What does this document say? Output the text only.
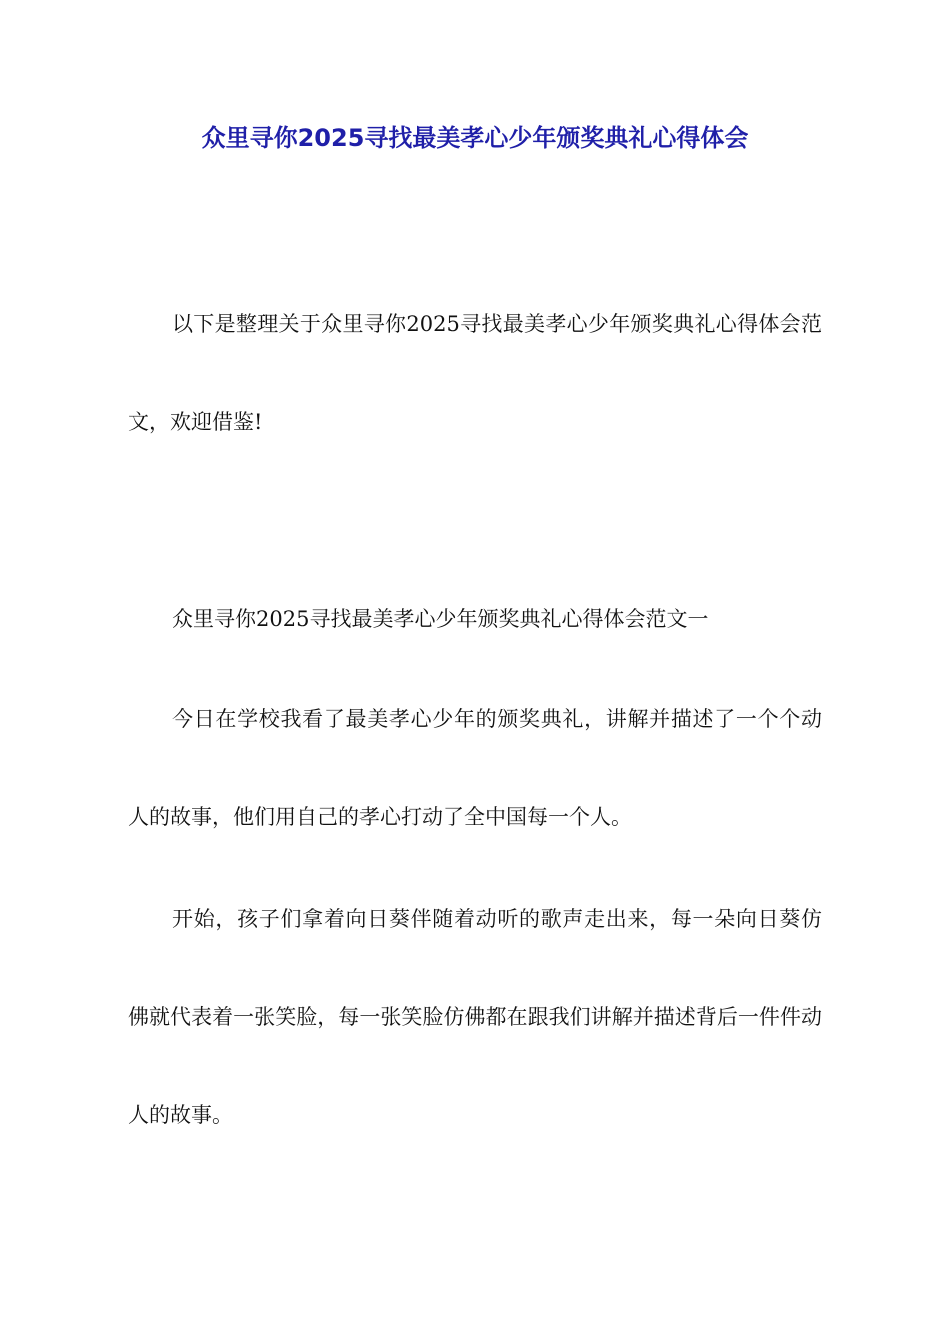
众里寻你2025寻找最美孝心少年颁奖典礼心得体会

以下是整理关于众里寻你2025寻找最美孝心少年颁奖典礼心得体会范文，欢迎借鉴!

众里寻你2025寻找最美孝心少年颁奖典礼心得体会范文一

今日在学校我看了最美孝心少年的颁奖典礼，讲解并描述了一个个动人的故事，他们用自己的孝心打动了全中国每一个人。

开始，孩子们拿着向日葵伴随着动听的歌声走出来，每一朵向日葵仿佛就代表着一张笑脸，每一张笑脸仿佛都在跟我们讲解并描述背后一件件动人的故事。
